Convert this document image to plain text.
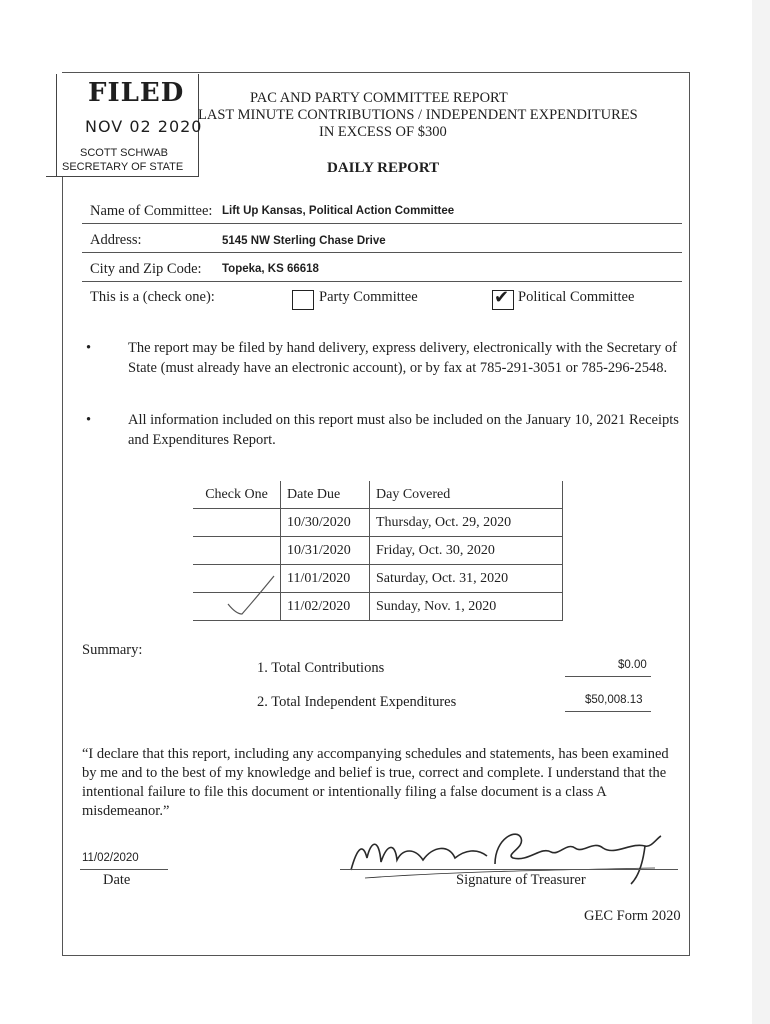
FILED
NOV 02 2020
SCOTT SCHWAB
SECRETARY OF STATE
PAC AND PARTY COMMITTEE REPORT
LAST MINUTE CONTRIBUTIONS / INDEPENDENT EXPENDITURES
IN EXCESS OF $300
DAILY REPORT
Name of Committee: Lift Up Kansas, Political Action Committee
Address:	5145 NW Sterling Chase Drive
City and Zip Code: Topeka, KS 66618
This is a (check one):	Party Committee	✔ Political Committee
•	The report may be filed by hand delivery, express delivery, electronically with the Secretary of State (must already have an electronic account), or by fax at 785-291-3051 or 785-296-2548.
•	All information included on this report must also be included on the January 10, 2021 Receipts and Expenditures Report.
Check One	Date Due	Day Covered
	10/30/2020	Thursday, Oct. 29, 2020
	10/31/2020	Friday, Oct. 30, 2020
	11/01/2020	Saturday, Oct. 31, 2020
	11/02/2020	Sunday, Nov. 1, 2020
Summary:
1. Total Contributions	$0.00
2. Total Independent Expenditures	$50,008.13
“I declare that this report, including any accompanying schedules and statements, has been examined by me and to the best of my knowledge and belief is true, correct and complete. I understand that the intentional failure to file this document or intentionally filing a false document is a class A misdemeanor.”
11/02/2020
Date	Signature of Treasurer
GEC Form 2020
